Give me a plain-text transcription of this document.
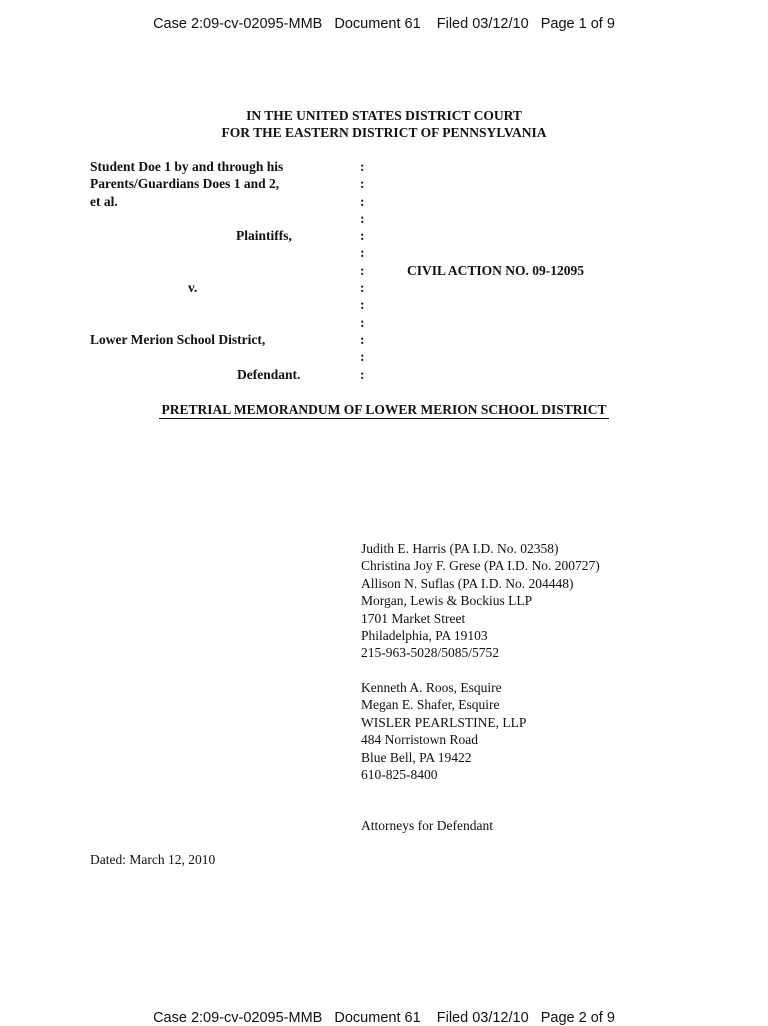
Case 2:09-cv-02095-MMB   Document 61    Filed 03/12/10   Page 1 of 9
IN THE UNITED STATES DISTRICT COURT
FOR THE EASTERN DISTRICT OF PENNSYLVANIA
Student Doe 1 by and through his	:
Parents/Guardians Does 1 and 2,	:
et al.	:
:
Plaintiffs,	:
:
:	CIVIL ACTION NO. 09-12095
v.	:
:
:
Lower Merion School District,	:
:
Defendant.	:
PRETRIAL MEMORANDUM OF LOWER MERION SCHOOL DISTRICT
Judith E. Harris (PA I.D. No. 02358)
Christina Joy F. Grese (PA I.D. No. 200727)
Allison N. Suflas (PA I.D. No. 204448)
Morgan, Lewis & Bockius LLP
1701 Market Street
Philadelphia, PA 19103
215-963-5028/5085/5752
Kenneth A. Roos, Esquire
Megan E. Shafer, Esquire
WISLER PEARLSTINE, LLP
484 Norristown Road
Blue Bell, PA 19422
610-825-8400
Attorneys for Defendant
Dated: March 12, 2010
Case 2:09-cv-02095-MMB   Document 61    Filed 03/12/10   Page 2 of 9
